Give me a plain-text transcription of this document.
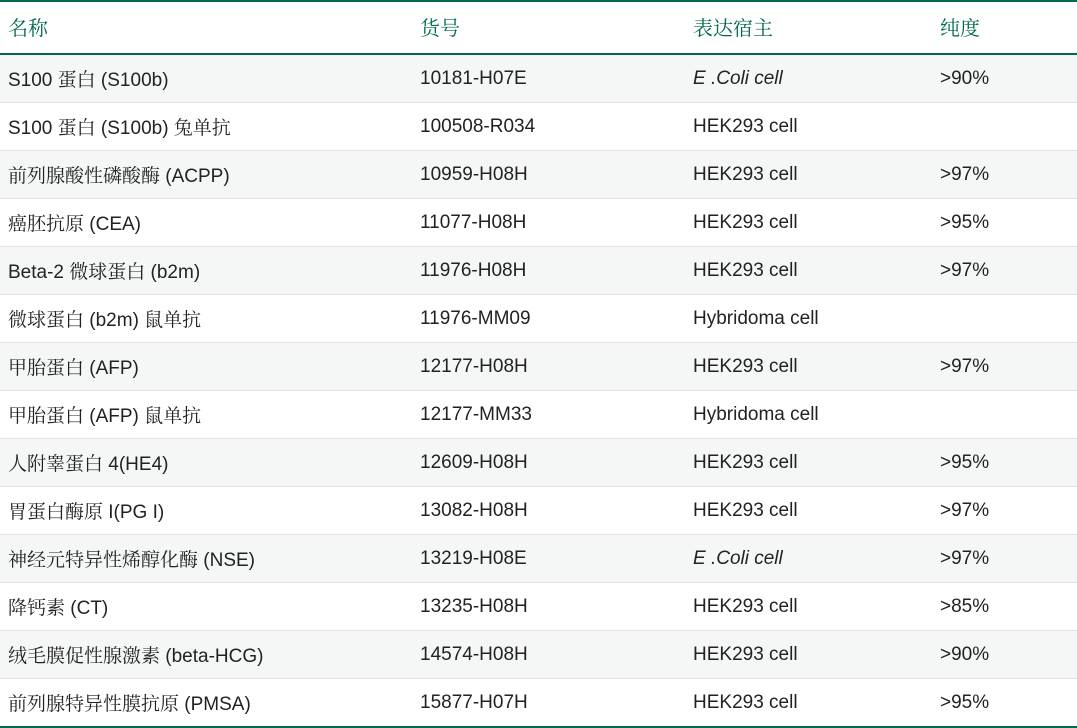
名称	货号	表达宿主	纯度
S100 蛋白 (S100b)	10181-H07E	E .Coli cell	>90%
S100 蛋白 (S100b) 兔单抗	100508-R034	HEK293 cell	
前列腺酸性磷酸酶 (ACPP)	10959-H08H	HEK293 cell	>97%
癌胚抗原 (CEA)	11077-H08H	HEK293 cell	>95%
Beta-2 微球蛋白 (b2m)	11976-H08H	HEK293 cell	>97%
微球蛋白 (b2m) 鼠单抗	11976-MM09	Hybridoma cell	
甲胎蛋白 (AFP)	12177-H08H	HEK293 cell	>97%
甲胎蛋白 (AFP) 鼠单抗	12177-MM33	Hybridoma cell	
人附睾蛋白 4(HE4)	12609-H08H	HEK293 cell	>95%
胃蛋白酶原 I(PG I)	13082-H08H	HEK293 cell	>97%
神经元特异性烯醇化酶 (NSE)	13219-H08E	E .Coli cell	>97%
降钙素 (CT)	13235-H08H	HEK293 cell	>85%
绒毛膜促性腺激素 (beta-HCG)	14574-H08H	HEK293 cell	>90%
前列腺特异性膜抗原 (PMSA)	15877-H07H	HEK293 cell	>95%
